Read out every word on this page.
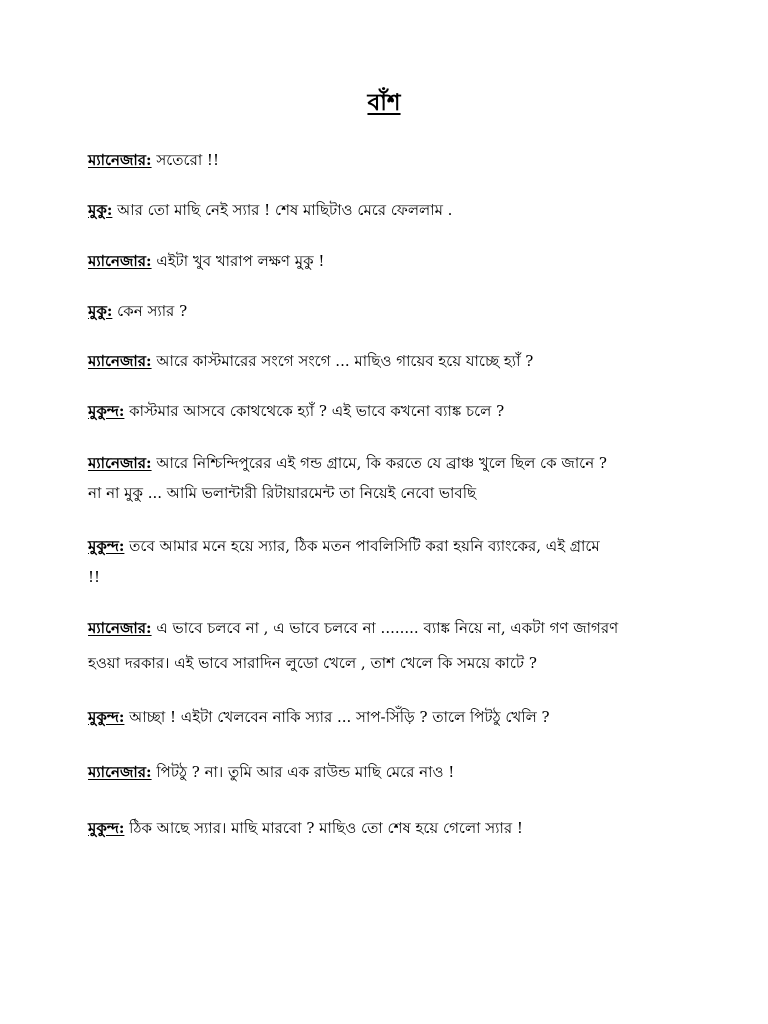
বাঁশ

ম্যানেজার: সতেরো !!

মুকু: আর তো মাছি নেই স্যার ! শেষ মাছিটাও মেরে ফেললাম .

ম্যানেজার: এইটা খুব খারাপ লক্ষণ মুকু !

মুকু: কেন স্যার ?

ম্যানেজার: আরে কাস্টমারের সংগে সংগে ... মাছিও গায়েব হয়ে যাচ্ছে হ্যাঁ ?

মুকুন্দ: কাস্টমার আসবে কোথথেকে হ্যাঁ ? এই ভাবে কখনো ব্যাঙ্ক চলে ?

ম্যানেজার: আরে নিশ্চিন্দিপুরের এই গন্ড গ্রামে, কি করতে যে ব্রাঞ্চ খুলে ছিল কে জানে ?
না না মুকু ... আমি ভলান্টারী রিটায়ারমেন্ট তা নিয়েই নেবো ভাবছি

মুকুন্দ: তবে আমার মনে হয়ে স্যার, ঠিক মতন পাবলিসিটি করা হয়নি ব্যাংকের, এই গ্রামে
!!

ম্যানেজার: এ ভাবে চলবে না , এ ভাবে চলবে না ........ ব্যাঙ্ক নিয়ে না, একটা গণ জাগরণ
হওয়া দরকার। এই ভাবে সারাদিন লুডো খেলে , তাশ খেলে কি সময়ে কাটে ?

মুকুন্দ: আচ্ছা ! এইটা খেলবেন নাকি স্যার ... সাপ-সিঁড়ি ? তালে পিটঠু খেলি ?

ম্যানেজার: পিটঠু ? না। তুমি আর এক রাউন্ড মাছি মেরে নাও !

মুকুন্দ: ঠিক আছে স্যার। মাছি মারবো ? মাছিও তো শেষ হয়ে গেলো স্যার !
